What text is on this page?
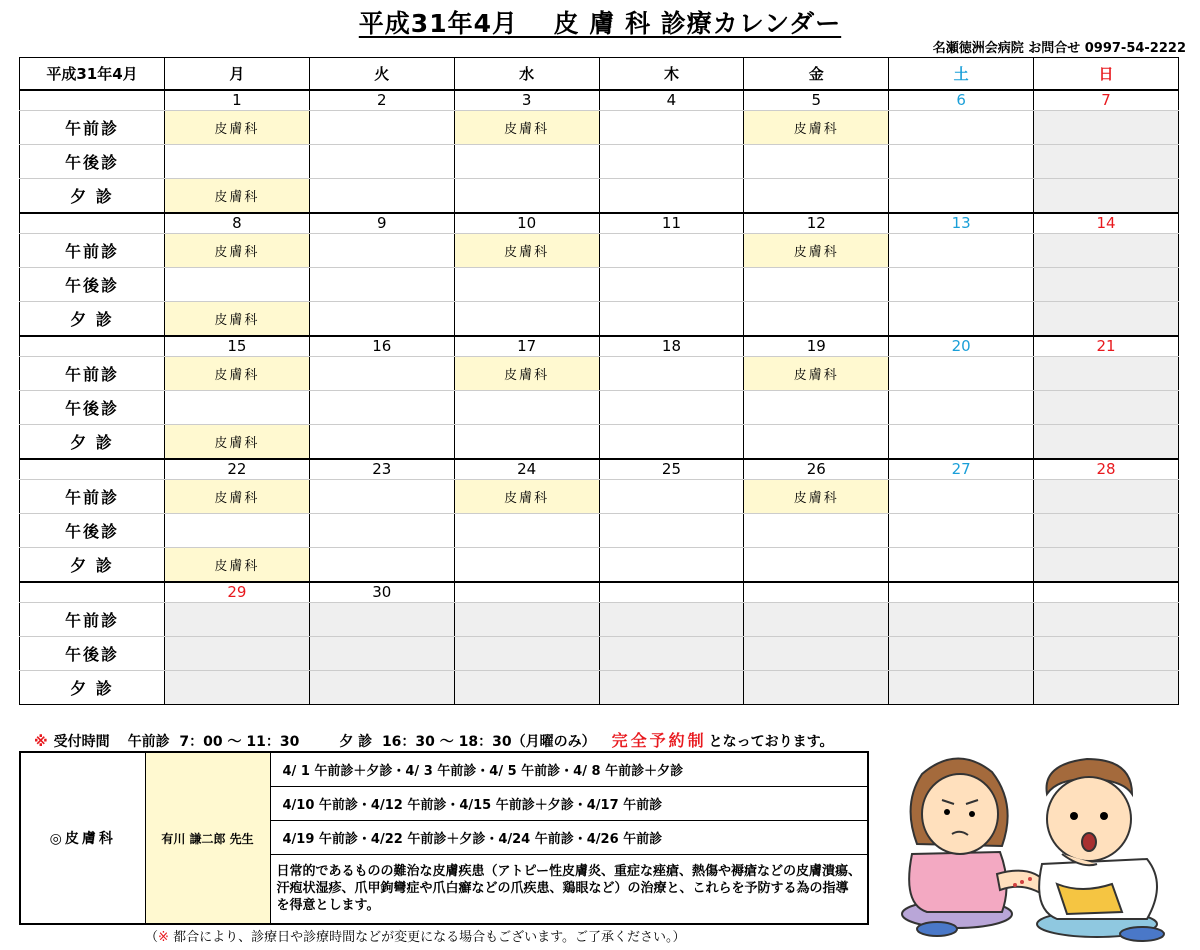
平成31年4月　 皮 膚 科 診療カレンダー
名瀬徳洲会病院 お問合せ 0997-54-2222
平成31年4月	月	火	水	木	金	土	日
	1	2	3	4	5	6	7
午前診	皮膚科		皮膚科		皮膚科		
午後診							
夕 診	皮膚科						
	8	9	10	11	12	13	14
午前診	皮膚科		皮膚科		皮膚科		
午後診							
夕 診	皮膚科						
	15	16	17	18	19	20	21
午前診	皮膚科		皮膚科		皮膚科		
午後診							
夕 診	皮膚科						
	22	23	24	25	26	27	28
午前診	皮膚科		皮膚科		皮膚科		
午後診							
夕 診	皮膚科						
	29	30					
午前診							
午後診							
夕 診							
※ 受付時間 午前診 7：00 〜 11：30	夕 診 16：30 〜 18：30（月曜のみ） 完全予約制 となっております。
◎皮膚科	有川 謙二郎 先生	4/ 1 午前診＋夕診・4/ 3 午前診・4/ 5 午前診・4/ 8 午前診＋夕診
4/10 午前診・4/12 午前診・4/15 午前診＋夕診・4/17 午前診
4/19 午前診・4/22 午前診＋夕診・4/24 午前診・4/26 午前診
日常的であるものの難治な皮膚疾患（アトピー性皮膚炎、重症な痤瘡、熱傷や褥瘡などの皮膚潰瘍、汗疱状湿疹、爪甲鉤彎症や爪白癬などの爪疾患、鶏眼など）の治療と、これらを予防する為の指導を得意とします。
（※ 都合により、診療日や診療時間などが変更になる場合もございます。ご了承ください。）
